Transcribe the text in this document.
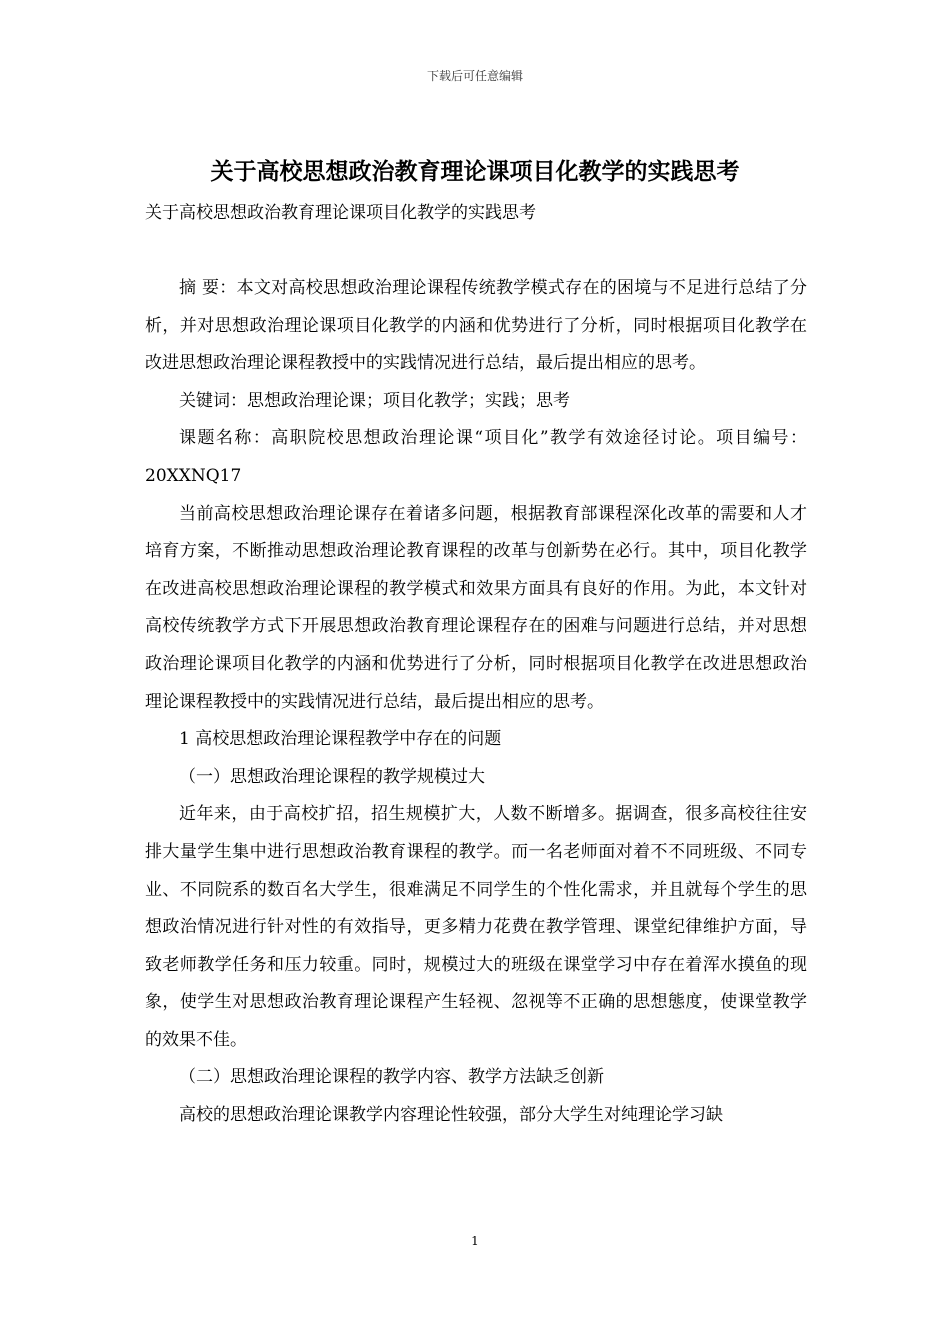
下载后可任意编辑
关于高校思想政治教育理论课项目化教学的实践思考

关于高校思想政治教育理论课项目化教学的实践思考

摘 要：本文对高校思想政治理论课程传统教学模式存在的困境与不足进行总结了分析，并对思想政治理论课项目化教学的内涵和优势进行了分析，同时根据项目化教学在改进思想政治理论课程教授中的实践情况进行总结，最后提出相应的思考。

关键词：思想政治理论课；项目化教学；实践；思考

课题名称：高职院校思想政治理论课“项目化”教学有效途径讨论。项目编号：20XXNQ17

当前高校思想政治理论课存在着诸多问题，根据教育部课程深化改革的需要和人才培育方案，不断推动思想政治理论教育课程的改革与创新势在必行。其中，项目化教学在改进高校思想政治理论课程的教学模式和效果方面具有良好的作用。为此，本文针对高校传统教学方式下开展思想政治教育理论课程存在的困难与问题进行总结，并对思想政治理论课项目化教学的内涵和优势进行了分析，同时根据项目化教学在改进思想政治理论课程教授中的实践情况进行总结，最后提出相应的思考。

1 高校思想政治理论课程教学中存在的问题

（一）思想政治理论课程的教学规模过大

近年来，由于高校扩招，招生规模扩大，人数不断增多。据调查，很多高校往往安排大量学生集中进行思想政治教育课程的教学。而一名老师面对着不不同班级、不同专业、不同院系的数百名大学生，很难满足不同学生的个性化需求，并且就每个学生的思想政治情况进行针对性的有效指导，更多精力花费在教学管理、课堂纪律维护方面，导致老师教学任务和压力较重。同时，规模过大的班级在课堂学习中存在着浑水摸鱼的现象，使学生对思想政治教育理论课程产生轻视、忽视等不正确的思想態度，使课堂教学的效果不佳。

（二）思想政治理论课程的教学内容、教学方法缺乏创新

高校的思想政治理论课教学内容理论性较强，部分大学生对纯理论学习缺

1
